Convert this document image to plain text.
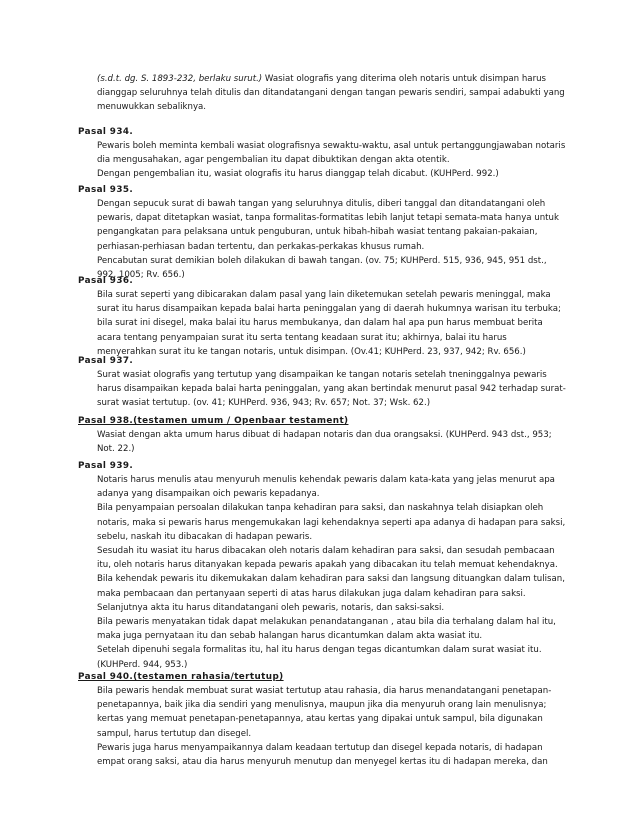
(s.d.t. dg. S. 1893-232, berlaku surut.) Wasiat olografis yang diterima oleh notaris untuk disimpan harus dianggap seluruhnya telah ditulis dan ditandatangani dengan tangan pewaris sendiri, sampai adabukti yang menuwukkan sebaliknya.
Pasal 934.
Pewaris boleh meminta kembali wasiat olografisnya sewaktu-waktu, asal untuk pertanggungjawaban notaris dia mengusahakan, agar pengembalian itu dapat dibuktikan dengan akta otentik.
Dengan pengembalian itu, wasiat olografis itu harus dianggap telah dicabut. (KUHPerd. 992.)
Pasal 935.
Dengan sepucuk surat di bawah tangan yang seluruhnya ditulis, diberi tanggal dan ditandatangani oleh pewaris, dapat ditetapkan wasiat, tanpa formalitas-formatitas lebih lanjut tetapi semata-mata hanya untuk pengangkatan para pelaksana untuk penguburan, untuk hibah-hibah wasiat tentang pakaian-pakaian, perhiasan-perhiasan badan tertentu, dan perkakas-perkakas khusus rumah.
Pencabutan surat demikian boleh dilakukan di bawah tangan. (ov. 75; KUHPerd. 515, 936, 945, 951 dst., 992, 1005; Rv. 656.)
Pasal 936.
Bila surat seperti yang dibicarakan dalam pasal yang lain diketemukan setelah pewaris meninggal, maka surat itu harus disampaikan kepada balai harta peninggalan yang di daerah hukumnya warisan itu terbuka; bila surat ini disegel, maka balai itu harus membukanya, dan dalam hal apa pun harus membuat berita acara tentang penyampaian surat itu serta tentang keadaan surat itu; akhirnya, balai itu harus menyerahkan surat itu ke tangan notaris, untuk disimpan. (Ov.41; KUHPerd. 23, 937, 942; Rv. 656.)
Pasal 937.
Surat wasiat olografis yang tertutup yang disampaikan ke tangan notaris setelah tneninggalnya pewaris harus disampaikan kepada balai harta peninggalan, yang akan bertindak menurut pasal 942 terhadap surat-surat wasiat tertutup. (ov. 41; KUHPerd. 936, 943; Rv. 657; Not. 37; Wsk. 62.)
Pasal 938.(testamen umum / Openbaar testament)
Wasiat dengan akta umum harus dibuat di hadapan notaris dan dua orangsaksi. (KUHPerd. 943 dst., 953; Not. 22.)
Pasal 939.
Notaris harus menulis atau menyuruh menulis kehendak pewaris dalam kata-kata yang jelas menurut apa adanya yang disampaikan oich pewaris kepadanya.
Bila penyampaian persoalan dilakukan tanpa kehadiran para saksi, dan naskahnya telah disiapkan oleh notaris, maka si pewaris harus mengemukakan lagi kehendaknya seperti apa adanya di hadapan para saksi, sebelu, naskah itu dibacakan di hadapan pewaris.
Sesudah itu wasiat itu harus dibacakan oleh notaris dalam kehadiran para saksi, dan sesudah pembacaan itu, oleh notaris harus ditanyakan kepada pewaris apakah yang dibacakan itu telah memuat kehendaknya.
Bila kehendak pewaris itu dikemukakan dalam kehadiran para saksi dan langsung dituangkan dalam tulisan, maka pembacaan dan pertanyaan seperti di atas harus dilakukan juga dalam kehadiran para saksi.
Selanjutnya akta itu harus ditandatangani oleh pewaris, notaris, dan saksi-saksi.
Bila pewaris menyatakan tidak dapat melakukan penandatanganan , atau bila dia terhalang dalam hal itu, maka juga pernyataan itu dan sebab halangan harus dicantumkan dalam akta wasiat itu.
Setelah dipenuhi segala formalitas itu, hal itu harus dengan tegas dicantumkan dalam surat wasiat itu. (KUHPerd. 944, 953.)
Pasal 940.(testamen rahasia/tertutup)
Bila pewaris hendak membuat surat wasiat tertutup atau rahasia, dia harus menandatangani penetapan-penetapannya, baik jika dia sendiri yang menulisnya, maupun jika dia menyuruh orang lain menulisnya; kertas yang memuat penetapan-penetapannya, atau kertas yang dipakai untuk sampul, bila digunakan sampul, harus tertutup dan disegel.
Pewaris juga harus menyampaikannya dalam keadaan tertutup dan disegel kepada notaris, di hadapan empat orang saksi, atau dia harus menyuruh menutup dan menyegel kertas itu di hadapan mereka, dan
